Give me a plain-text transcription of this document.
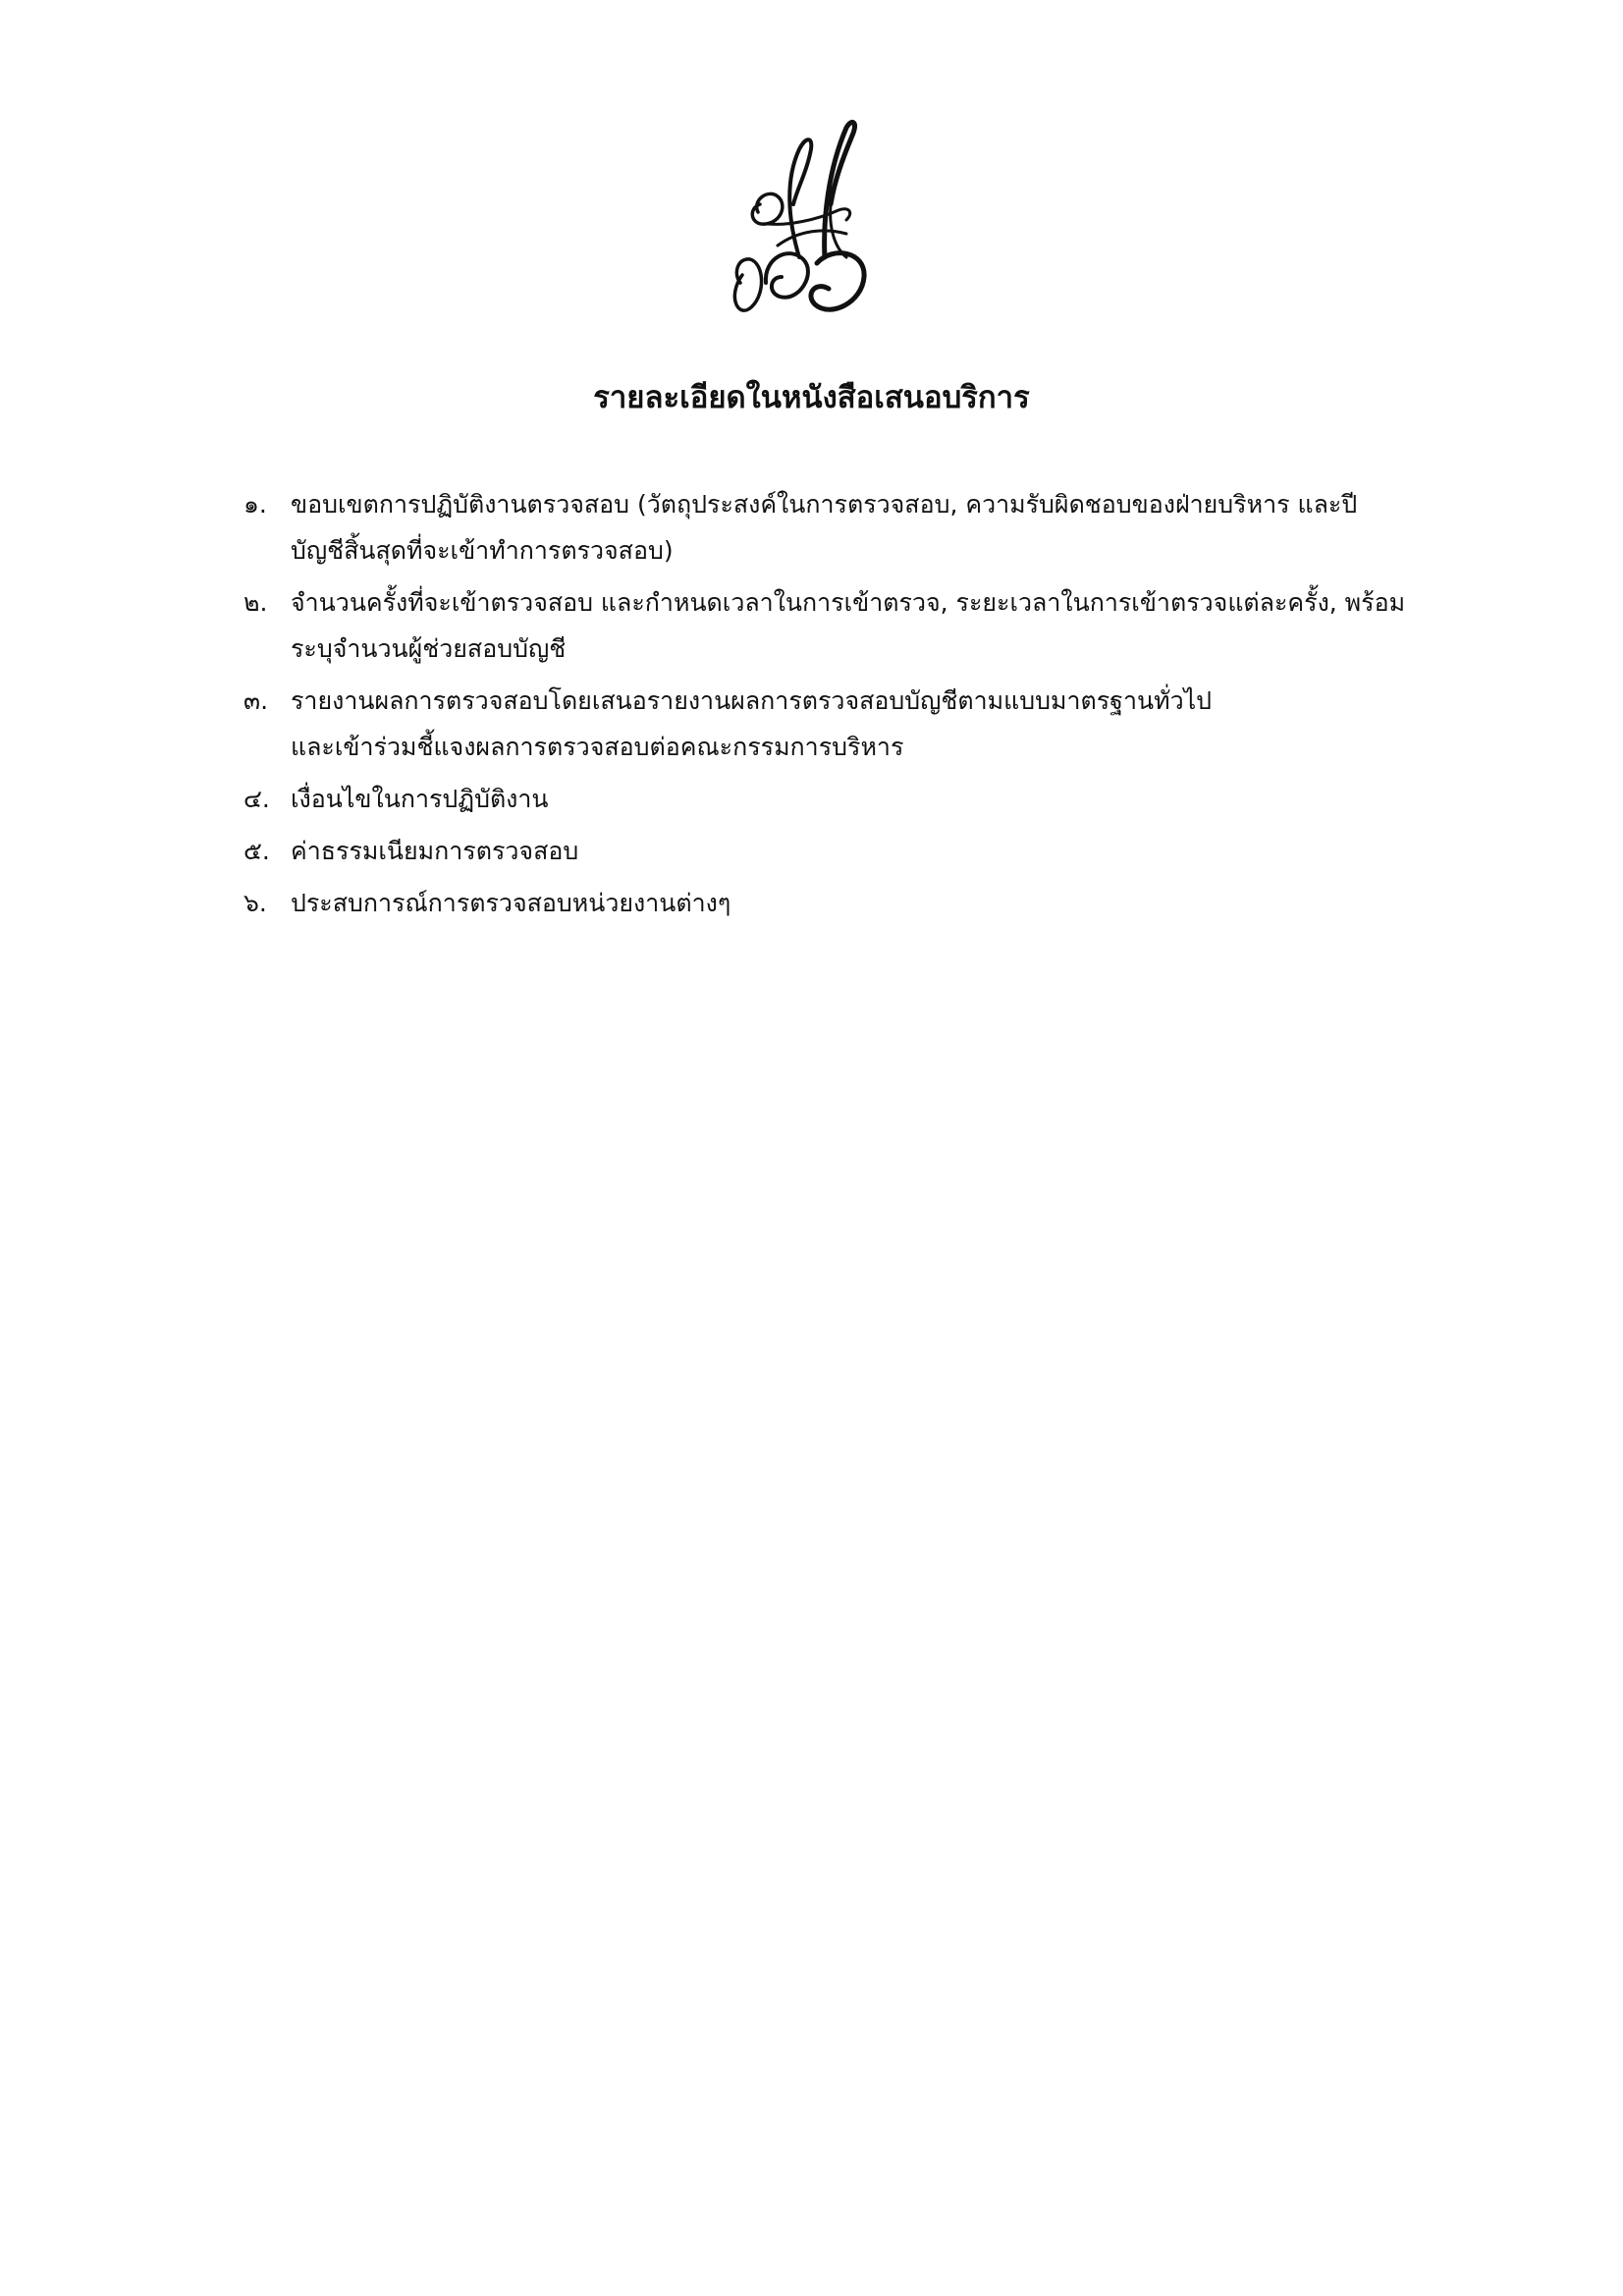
รายละเอียดในหนังสือเสนอบริการ
๑. ขอบเขตการปฏิบัติงานตรวจสอบ (วัตถุประสงค์ในการตรวจสอบ, ความรับผิดชอบของฝ่ายบริหาร และปี
บัญชีสิ้นสุดที่จะเข้าทำการตรวจสอบ)
๒. จำนวนครั้งที่จะเข้าตรวจสอบ และกำหนดเวลาในการเข้าตรวจ, ระยะเวลาในการเข้าตรวจแต่ละครั้ง, พร้อม
ระบุจำนวนผู้ช่วยสอบบัญชี
๓. รายงานผลการตรวจสอบโดยเสนอรายงานผลการตรวจสอบบัญชีตามแบบมาตรฐานทั่วไป
และเข้าร่วมชี้แจงผลการตรวจสอบต่อคณะกรรมการบริหาร
๔. เงื่อนไขในการปฏิบัติงาน
๕. ค่าธรรมเนียมการตรวจสอบ
๖. ประสบการณ์การตรวจสอบหน่วยงานต่างๆ
